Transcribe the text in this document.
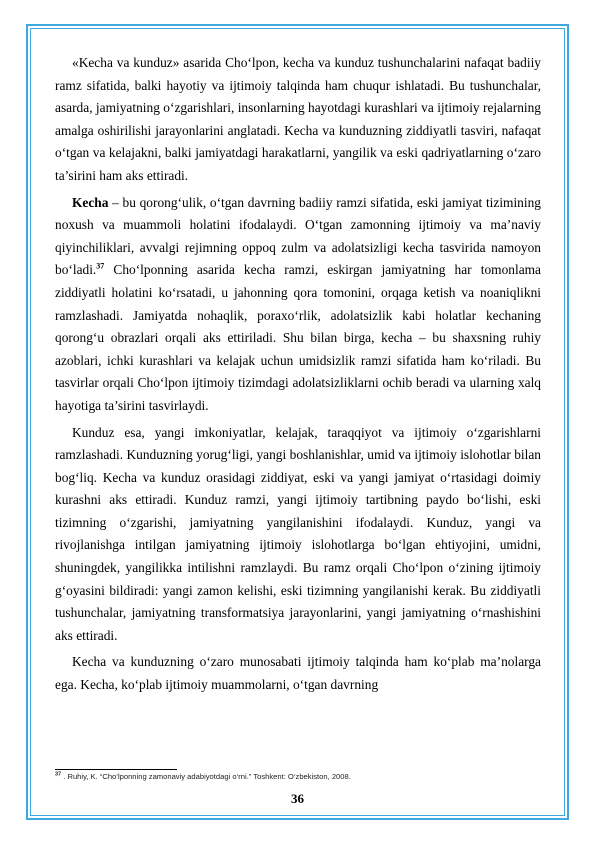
«Kecha va kunduz» asarida Cho‘lpon, kecha va kunduz tushunchalarini nafaqat badiiy ramz sifatida, balki hayotiy va ijtimoiy talqinda ham chuqur ishlatadi. Bu tushunchalar, asarda, jamiyatning o‘zgarishlari, insonlarning hayotdagi kurashlari va ijtimoiy rejalarning amalga oshirilishi jarayonlarini anglatadi. Kecha va kunduzning ziddiyatli tasviri, nafaqat o‘tgan va kelajakni, balki jamiyatdagi harakatlarni, yangilik va eski qadriyatlarning o‘zaro ta’sirini ham aks ettiradi.

Kecha – bu qorong‘ulik, o‘tgan davrning badiiy ramzi sifatida, eski jamiyat tizimining noxush va muammoli holatini ifodalaydi. O‘tgan zamonning ijtimoiy va ma’naviy qiyinchiliklari, avvalgi rejimning oppoq zulm va adolatsizligi kecha tasvirida namoyon bo‘ladi.$^{37}$ Cho‘lponning asarida kecha ramzi, eskirgan jamiyatning har tomonlama ziddiyatli holatini ko‘rsatadi, u jahonning qora tomonini, orqaga ketish va noaniqlikni ramzlashadi. Jamiyatda nohaqlik, poraxo‘rlik, adolatsizlik kabi holatlar kechaning qorong‘u obrazlari orqali aks ettiriladi. Shu bilan birga, kecha – bu shaxsning ruhiy azoblari, ichki kurashlari va kelajak uchun umidsizlik ramzi sifatida ham ko‘riladi. Bu tasvirlar orqali Cho‘lpon ijtimoiy tizimdagi adolatsizliklarni ochib beradi va ularning xalq hayotiga ta’sirini tasvirlaydi.

Kunduz esa, yangi imkoniyatlar, kelajak, taraqqiyot va ijtimoiy o‘zgarishlarni ramzlashadi. Kunduzning yorug‘ligi, yangi boshlanishlar, umid va ijtimoiy islohotlar bilan bog‘liq. Kecha va kunduz orasidagi ziddiyat, eski va yangi jamiyat o‘rtasidagi doimiy kurashni aks ettiradi. Kunduz ramzi, yangi ijtimoiy tartibning paydo bo‘lishi, eski tizimning o‘zgarishi, jamiyatning yangilanishini ifodalaydi. Kunduz, yangi va rivojlanishga intilgan jamiyatning ijtimoiy islohotlarga bo‘lgan ehtiyojini, umidni, shuningdek, yangilikka intilishni ramzlaydi. Bu ramz orqali Cho‘lpon o‘zining ijtimoiy g‘oyasini bildiradi: yangi zamon kelishi, eski tizimning yangilanishi kerak. Bu ziddiyatli tushunchalar, jamiyatning transformatsiya jarayonlarini, yangi jamiyatning o‘rnashishini aks ettiradi.

Kecha va kunduzning o‘zaro munosabati ijtimoiy talqinda ham ko‘plab ma’nolarga ega. Kecha, ko‘plab ijtimoiy muammolarni, o‘tgan davrning

$^{37}$ . Ruhiy, K. “Cho‘lponning zamonaviy adabiyotdagi o‘rni.” Toshkent: O‘zbekiston, 2008.
36
